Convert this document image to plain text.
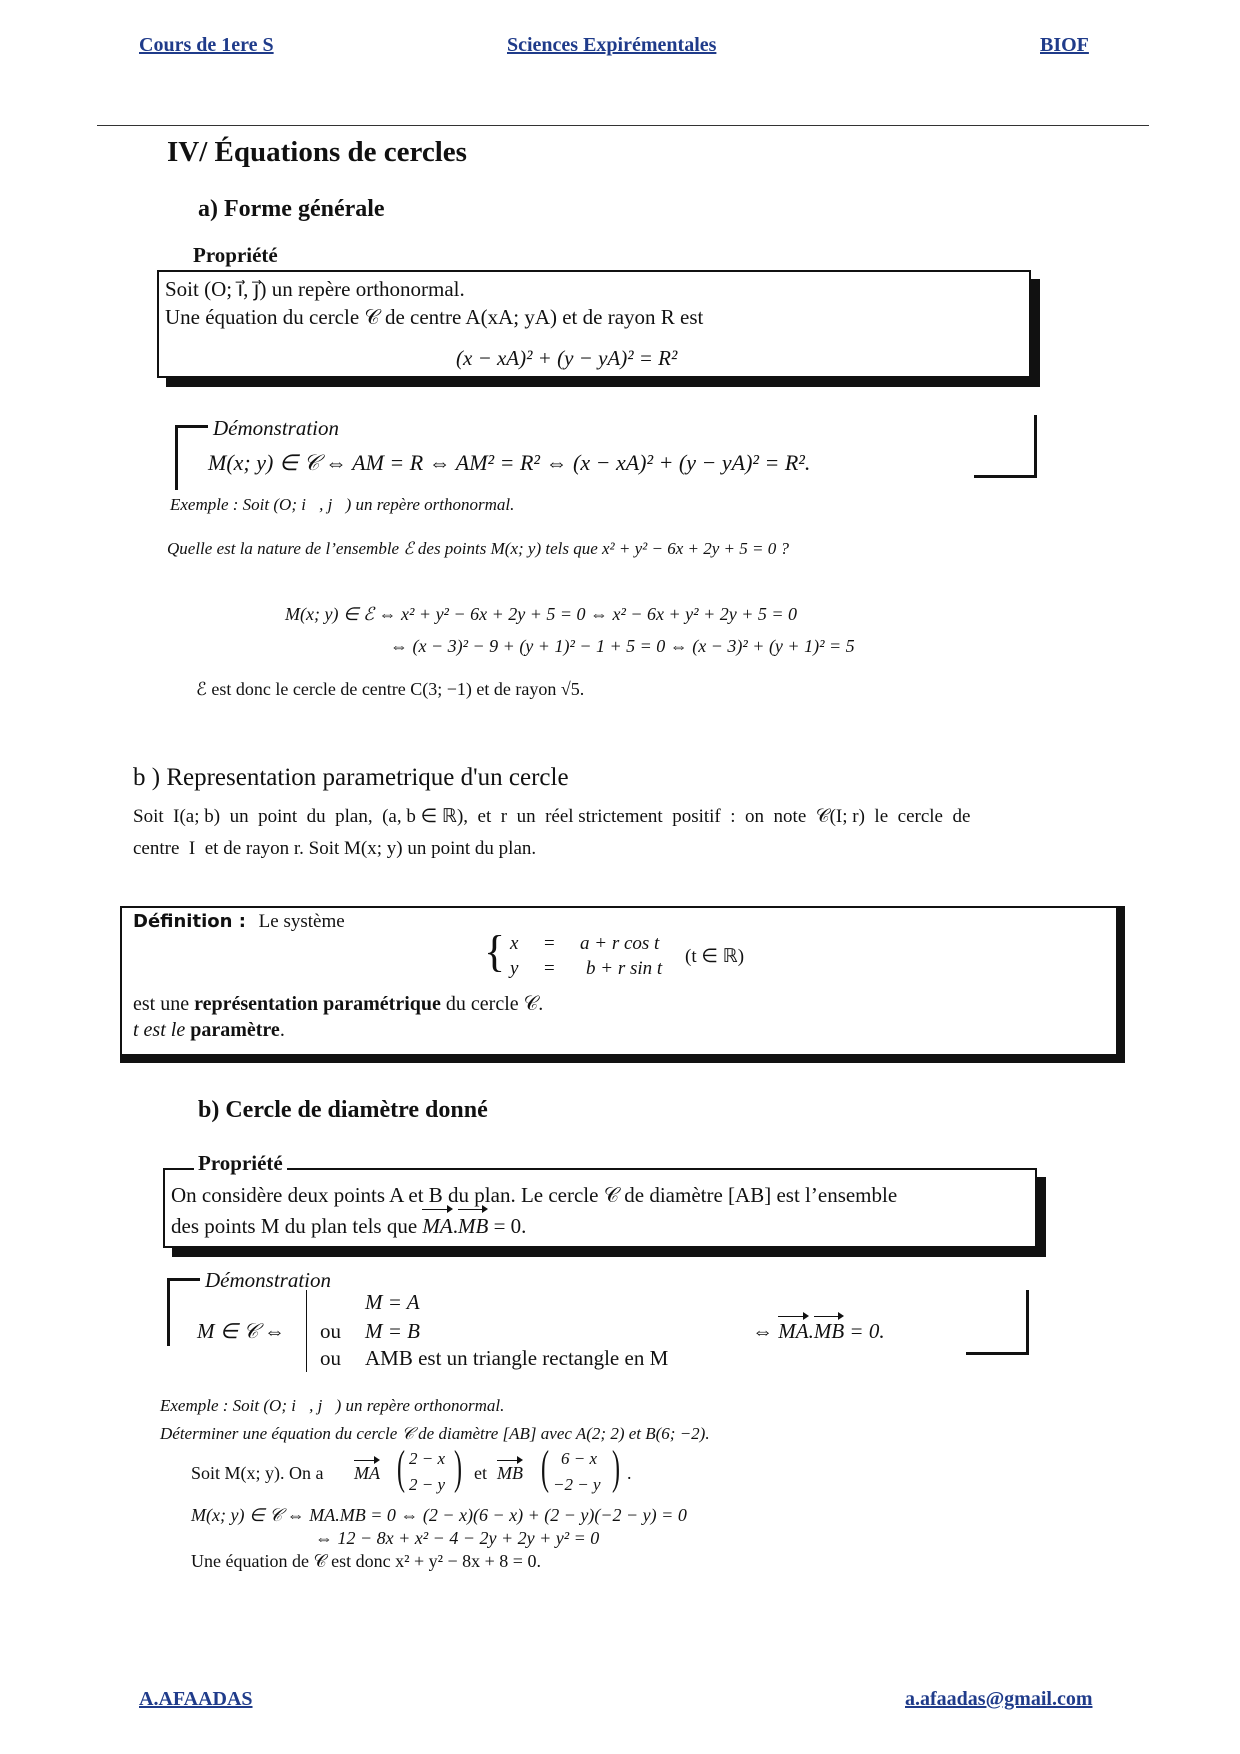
Cours de 1ere S	Sciences Expirémentales	BIOF
IV/ Équations de cercles
a) Forme générale
Propriété
Soit (O; i⃗, j⃗) un repère orthonormal.
Une équation du cercle 𝒞 de centre A(xA; yA) et de rayon R est
(x − xA)² + (y − yA)² = R²
Démonstration
M(x; y) ∈ 𝒞 ⇔ AM = R ⇔ AM² = R² ⇔ (x − xA)² + (y − yA)² = R².
Exemple : Soit (O; i⃗, j⃗) un repère orthonormal.
Quelle est la nature de l’ensemble ℰ des points M(x; y) tels que x² + y² − 6x + 2y + 5 = 0 ?
M(x; y) ∈ ℰ ⇔ x² + y² − 6x + 2y + 5 = 0 ⇔ x² − 6x + y² + 2y + 5 = 0
⇔ (x − 3)² − 9 + (y + 1)² − 1 + 5 = 0 ⇔ (x − 3)² + (y + 1)² = 5
ℰ est donc le cercle de centre C(3; −1) et de rayon √5.
b ) Representation parametrique d'un cercle
Soit  I(a; b)  un  point  du  plan,  (a, b ∈ ℝ),  et  r  un  réel strictement  positif  :  on  note  𝒞(I; r)  le  cercle  de
centre  I  et de rayon r. Soit M(x; y) un point du plan.
Définition : Le système
{ x = a + r cos t
y = b + r sin t
(t ∈ ℝ)
est une représentation paramétrique du cercle 𝒞.
t est le paramètre.
b) Cercle de diamètre donné
Propriété
On considère deux points A et B du plan. Le cercle 𝒞 de diamètre [AB] est l’ensemble
des points M du plan tels que MA.MB = 0.
Démonstration
M ∈ 𝒞 ⇔
M = A
ou M = B
ou AMB est un triangle rectangle en M
⇔ MA.MB = 0.
Exemple : Soit (O; i⃗, j⃗) un repère orthonormal.
Déterminer une équation du cercle 𝒞 de diamètre [AB] avec A(2; 2) et B(6; −2).
Soit M(x; y). On a MA ( 2 − x
2 − y ) et MB ( 6 − x
−2 − y ) .
M(x; y) ∈ 𝒞 ⇔ MA.MB = 0 ⇔ (2 − x)(6 − x) + (2 − y)(−2 − y) = 0
⇔ 12 − 8x + x² − 4 − 2y + 2y + y² = 0
Une équation de 𝒞 est donc x² + y² − 8x + 8 = 0.
A.AFAADAS	a.afaadas@gmail.com
